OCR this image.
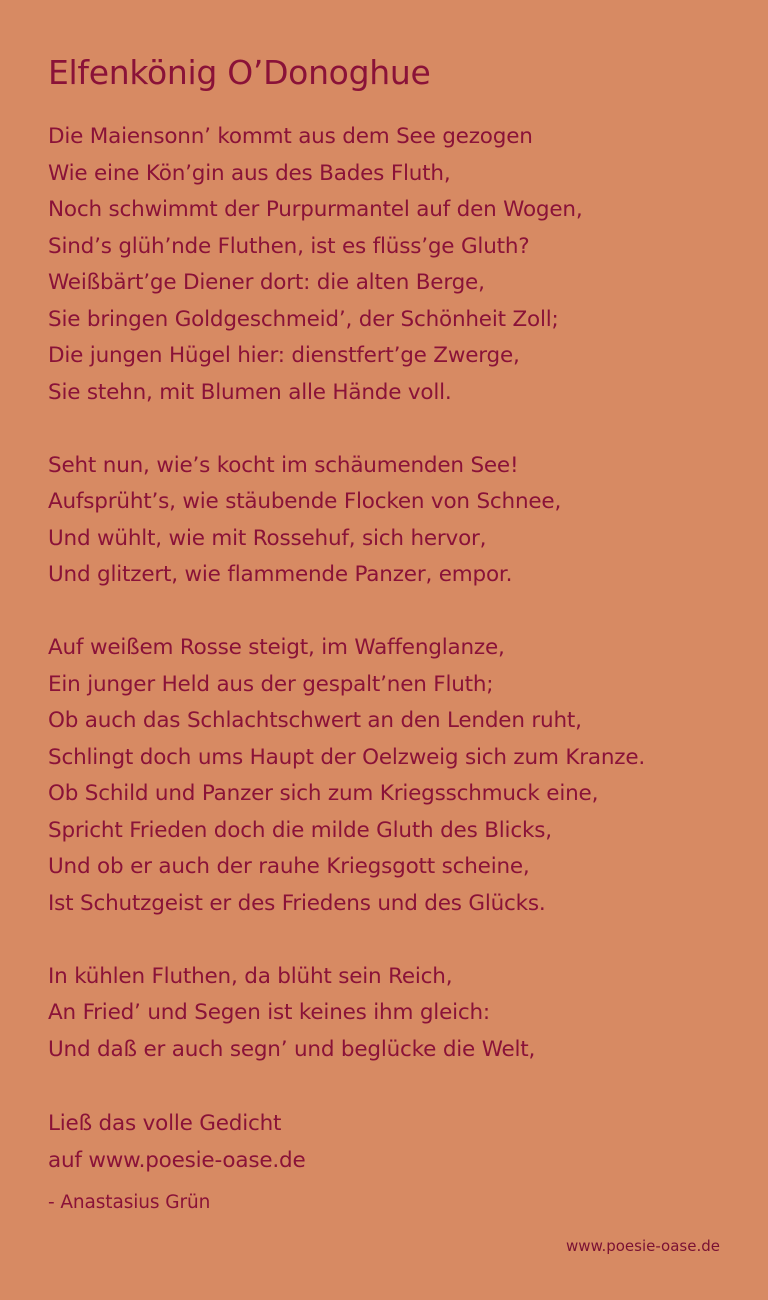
Elfenkönig O’Donoghue
Die Maiensonn’ kommt aus dem See gezogen
Wie eine Kön’gin aus des Bades Fluth,
Noch schwimmt der Purpurmantel auf den Wogen,
Sind’s glüh’nde Fluthen, ist es flüss’ge Gluth?
Weißbärt’ge Diener dort: die alten Berge,
Sie bringen Goldgeschmeid’, der Schönheit Zoll;
Die jungen Hügel hier: dienstfert’ge Zwerge,
Sie stehn, mit Blumen alle Hände voll.
Seht nun, wie’s kocht im schäumenden See!
Aufsprüht’s, wie stäubende Flocken von Schnee,
Und wühlt, wie mit Rossehuf, sich hervor,
Und glitzert, wie flammende Panzer, empor.
Auf weißem Rosse steigt, im Waffenglanze,
Ein junger Held aus der gespalt’nen Fluth;
Ob auch das Schlachtschwert an den Lenden ruht,
Schlingt doch ums Haupt der Oelzweig sich zum Kranze.
Ob Schild und Panzer sich zum Kriegsschmuck eine,
Spricht Frieden doch die milde Gluth des Blicks,
Und ob er auch der rauhe Kriegsgott scheine,
Ist Schutzgeist er des Friedens und des Glücks.
In kühlen Fluthen, da blüht sein Reich,
An Fried’ und Segen ist keines ihm gleich:
Und daß er auch segn’ und beglücke die Welt,
Ließ das volle Gedicht
auf www.poesie-oase.de
- Anastasius Grün
www.poesie-oase.de
